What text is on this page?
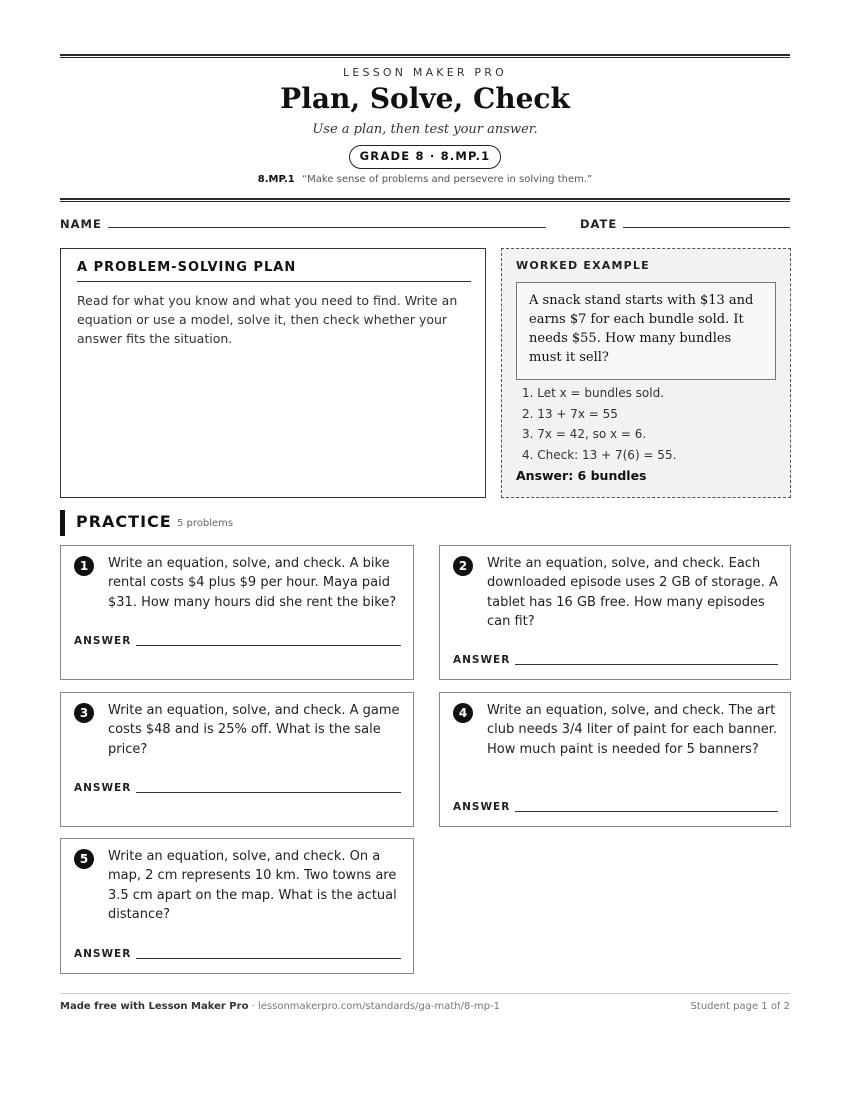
LESSON MAKER PRO
Plan, Solve, Check
Use a plan, then test your answer.
GRADE 8 · 8.MP.1
8.MP.1 “Make sense of problems and persevere in solving them.”
NAME	DATE
A PROBLEM-SOLVING PLAN
Read for what you know and what you need to find. Write an equation or use a model, solve it, then check whether your answer fits the situation.
WORKED EXAMPLE
A snack stand starts with $13 and earns $7 for each bundle sold. It needs $55. How many bundles must it sell?
1. Let x = bundles sold.
2. 13 + 7x = 55
3. 7x = 42, so x = 6.
4. Check: 13 + 7(6) = 55.
Answer: 6 bundles
PRACTICE 5 problems
1	Write an equation, solve, and check. A bike rental costs $4 plus $9 per hour. Maya paid $31. How many hours did she rent the bike?
ANSWER
2	Write an equation, solve, and check. Each downloaded episode uses 2 GB of storage. A tablet has 16 GB free. How many episodes can fit?
ANSWER
3	Write an equation, solve, and check. A game costs $48 and is 25% off. What is the sale price?
ANSWER
4	Write an equation, solve, and check. The art club needs 3/4 liter of paint for each banner. How much paint is needed for 5 banners?
ANSWER
5	Write an equation, solve, and check. On a map, 2 cm represents 10 km. Two towns are 3.5 cm apart on the map. What is the actual distance?
ANSWER
Made free with Lesson Maker Pro · lessonmakerpro.com/standards/ga-math/8-mp-1	Student page 1 of 2
